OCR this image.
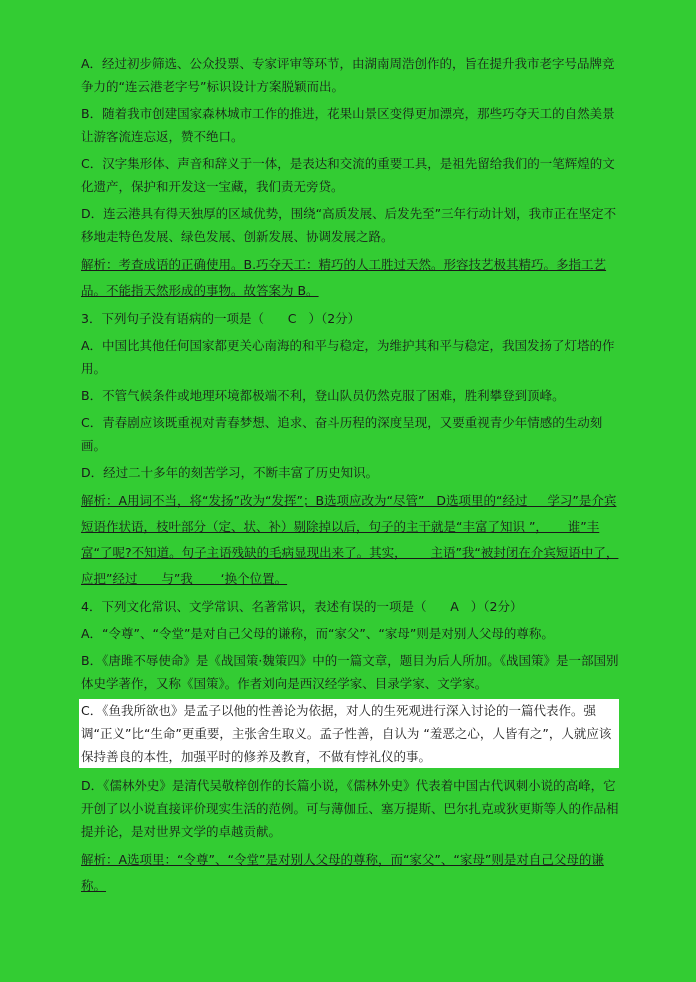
A．经过初步筛选、公众投票、专家评审等环节，由湖南周浩创作的，旨在提升我市老字号品牌竞争力的“连云港老字号”标识设计方案脱颖而出。
B．随着我市创建国家森林城市工作的推进，花果山景区变得更加漂亮，那些巧夺天工的自然美景让游客流连忘返，赞不绝口。
C．汉字集形体、声音和辞义于一体，是表达和交流的重要工具，是祖先留给我们的一笔辉煌的文化遗产，保护和开发这一宝藏，我们责无旁贷。
D．连云港具有得天独厚的区域优势，围绕“高质发展、后发先至”三年行动计划，我市正在坚定不移地走特色发展、绿色发展、创新发展、协调发展之路。
解析：考查成语的正确使用。B.巧夺天工：精巧的人工胜过天然。形容技艺极其精巧。多指工艺品。不能指天然形成的事物。故答案为 B。
3．下列句子没有语病的一项是（      C   ）（2分）
A．中国比其他任何国家都更关心南海的和平与稳定，为维护其和平与稳定，我国发扬了灯塔的作用。
B．不管气候条件或地理环境都极端不利，登山队员仍然克服了困难，胜利攀登到顶峰。
C．青春剧应该既重视对青春梦想、追求、奋斗历程的深度呈现，又要重视青少年情感的生动刻画。
D．经过二十多年的刻苦学习，不断丰富了历史知识。
解析：A用词不当，将“发扬”改为“发挥”；B选项应改为“尽管”   D选项里的“经过     学习”是介宾短语作状语，枝叶部分（定、状、补）剔除掉以后，句子的主干就是“丰富了知识 ”，     谁”丰富“了呢?不知道。句子主语残缺的毛病显现出来了。其实，      主语”我“被封闭在介宾短语中了，应把”经过      与”我       ‘换个位置。
4．下列文化常识、文学常识、名著常识，表述有误的一项是（      A   ）（2分）
A．“令尊”、“令堂”是对自己父母的谦称，而“家父”、“家母”则是对别人父母的尊称。
B．《唐雎不辱使命》是《战国策·魏策四》中的一篇文章，题目为后人所加。《战国策》是一部国别体史学著作，又称《国策》。作者刘向是西汉经学家、目录学家、文学家。
C．《鱼我所欲也》是孟子以他的性善论为依据，对人的生死观进行深入讨论的一篇代表作。强调“正义”比“生命”更重要，主张舍生取义。孟子性善，自认为 “羞恶之心，人皆有之”，人就应该保持善良的本性，加强平时的修养及教育，不做有悖礼仪的事。
D．《儒林外史》是清代吴敬梓创作的长篇小说，《儒林外史》代表着中国古代讽刺小说的高峰，它开创了以小说直接评价现实生活的范例。可与薄伽丘、塞万提斯、巴尔扎克或狄更斯等人的作品相提并论，是对世界文学的卓越贡献。
解析：A选项里：“令尊”、“令堂”是对别人父母的尊称，而“家父”、“家母”则是对自己父母的谦称。
